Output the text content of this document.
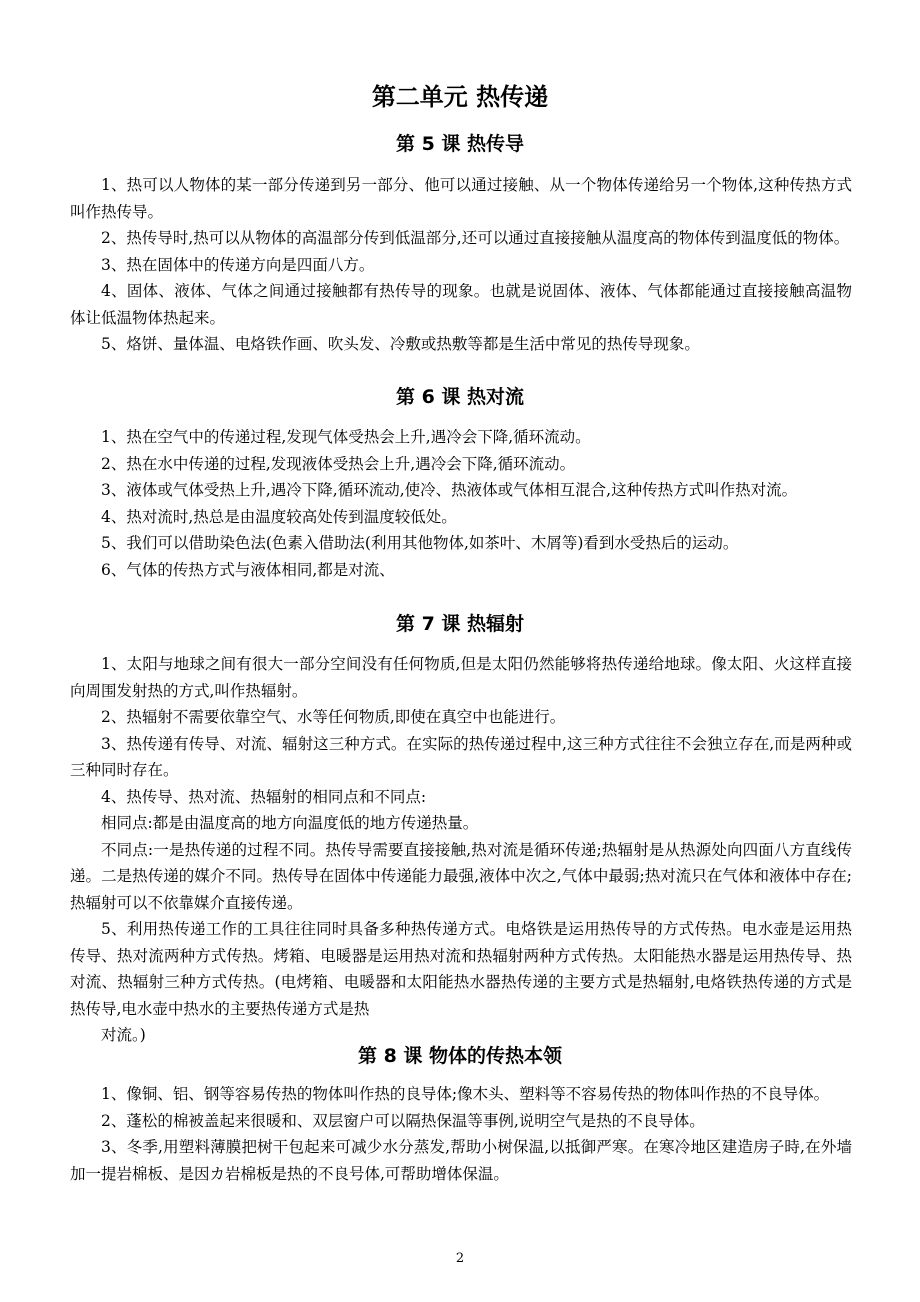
第二单元 热传递
第 5 课 热传导

1、热可以人物体的某一部分传递到另一部分、他可以通过接触、从一个物体传递给另一个物体,这种传热方式叫作热传导。

2、热传导时,热可以从物体的高温部分传到低温部分,还可以通过直接接触从温度高的物体传到温度低的物体。

3、热在固体中的传递方向是四面八方。

4、固体、液体、气体之间通过接触都有热传导的现象。也就是说固体、液体、气体都能通过直接接触高温物体让低温物体热起来。

5、烙饼、量体温、电烙铁作画、吹头发、冷敷或热敷等都是生活中常见的热传导现象。

第 6 课 热对流

1、热在空气中的传递过程,发现气体受热会上升,遇冷会下降,循环流动。

2、热在水中传递的过程,发现液体受热会上升,遇冷会下降,循环流动。

3、液体或气体受热上升,遇冷下降,循环流动,使冷、热液体或气体相互混合,这种传热方式叫作热对流。

4、热对流时,热总是由温度较高处传到温度较低处。

5、我们可以借助染色法(色素入借助法(利用其他物体,如茶叶、木屑等)看到水受热后的运动。

6、气体的传热方式与液体相同,都是对流、

第 7 课 热辐射

1、太阳与地球之间有很大一部分空间没有任何物质,但是太阳仍然能够将热传递给地球。像太阳、火这样直接向周围发射热的方式,叫作热辐射。

2、热辐射不需要依靠空气、水等任何物质,即使在真空中也能进行。

3、热传递有传导、对流、辐射这三种方式。在实际的热传递过程中,这三种方式往往不会独立存在,而是两种或三种同时存在。

4、热传导、热对流、热辐射的相同点和不同点:

相同点:都是由温度高的地方向温度低的地方传递热量。

不同点:一是热传递的过程不同。热传导需要直接接触,热对流是循环传递;热辐射是从热源处向四面八方直线传递。二是热传递的媒介不同。热传导在固体中传递能力最强,液体中次之,气体中最弱;热对流只在气体和液体中存在;热辐射可以不依靠媒介直接传递。

5、利用热传递工作的工具往往同时具备多种热传递方式。电烙铁是运用热传导的方式传热。电水壶是运用热传导、热对流两种方式传热。烤箱、电暖器是运用热对流和热辐射两种方式传热。太阳能热水器是运用热传导、热对流、热辐射三种方式传热。(电烤箱、电暖器和太阳能热水器热传递的主要方式是热辐射,电烙铁热传递的方式是热传导,电水壶中热水的主要热传递方式是热

对流。)

第 8 课 物体的传热本领

1、像铜、铝、钢等容易传热的物体叫作热的良导体;像木头、塑料等不容易传热的物体叫作热的不良导体。

2、蓬松的棉被盖起来很暖和、双层窗户可以隔热保温等事例,说明空气是热的不良导体。

3、冬季,用塑料薄膜把树干包起来可减少水分蒸发,帮助小树保温,以抵御严寒。在寒冷地区建造房子時,在外墙加一提岩棉板、是因カ岩棉板是热的不良号体,可帮助增体保温。

2
